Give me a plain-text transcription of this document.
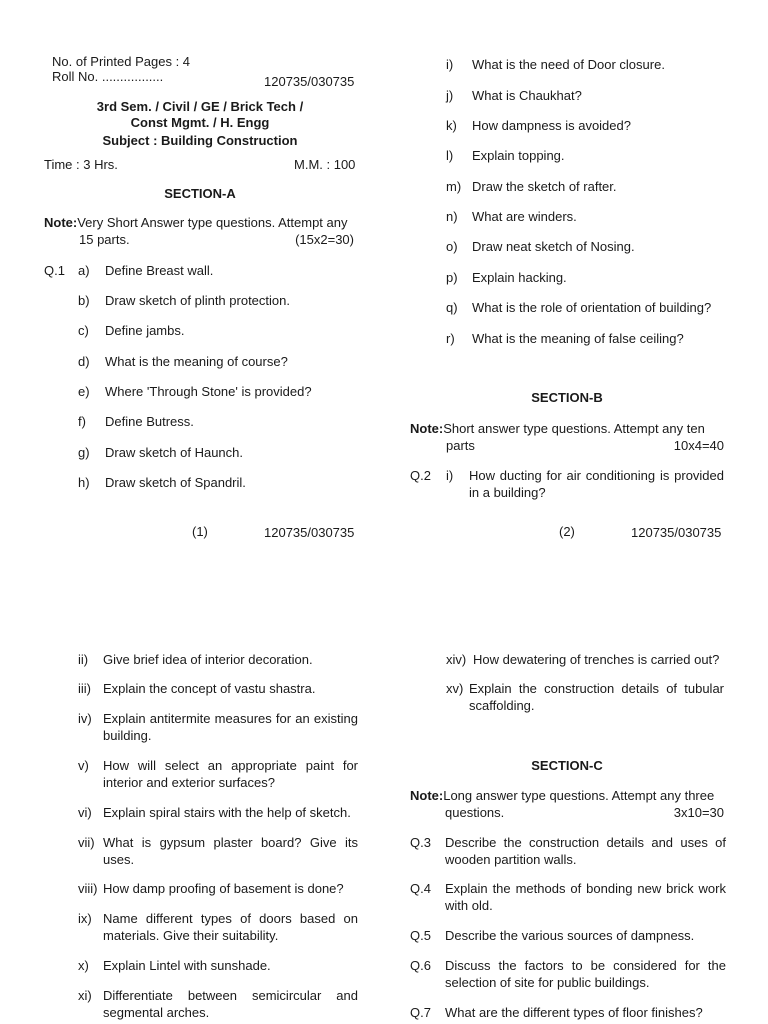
No. of Printed Pages : 4
Roll No. .................	120735/030735
3rd Sem. / Civil / GE / Brick Tech /
Const Mgmt. / H. Engg
Subject : Building Construction
Time : 3 Hrs.	M.M. : 100
SECTION-A
Note:Very Short Answer type questions. Attempt any
15 parts.	(15x2=30)
Q.1 a) Define Breast wall.
b) Draw sketch of plinth protection.
c) Define jambs.
d) What is the meaning of course?
e) Where 'Through Stone' is provided?
f) Define Butress.
g) Draw sketch of Haunch.
h) Draw sketch of Spandril.
(1)	120735/030735
i) What is the need of Door closure.
j) What is Chaukhat?
k) How dampness is avoided?
l) Explain topping.
m) Draw the sketch of rafter.
n) What are winders.
o) Draw neat sketch of Nosing.
p) Explain hacking.
q) What is the role of orientation of building?
r) What is the meaning of false ceiling?
SECTION-B
Note:Short answer type questions. Attempt any ten
parts	10x4=40
Q.2 i) How ducting for air conditioning is provided in a building?
(2)	120735/030735
ii) Give brief idea of interior decoration.
iii) Explain the concept of vastu shastra.
iv) Explain antitermite measures for an existing building.
v) How will select an appropriate paint for interior and exterior surfaces?
vi) Explain spiral stairs with the help of sketch.
vii) What is gypsum plaster board? Give its uses.
viii) How damp proofing of basement is done?
ix) Name different types of doors based on materials. Give their suitability.
x) Explain Lintel with sunshade.
xi) Differentiate between semicircular and segmental arches.
xiv) How dewatering of trenches is carried out?
xv) Explain the construction details of tubular scaffolding.
SECTION-C
Note:Long answer type questions. Attempt any three
questions.	3x10=30
Q.3 Describe the construction details and uses of wooden partition walls.
Q.4 Explain the methods of bonding new brick work with old.
Q.5 Describe the various sources of dampness.
Q.6 Discuss the factors to be considered for the selection of site for public buildings.
Q.7 What are the different types of floor finishes?
